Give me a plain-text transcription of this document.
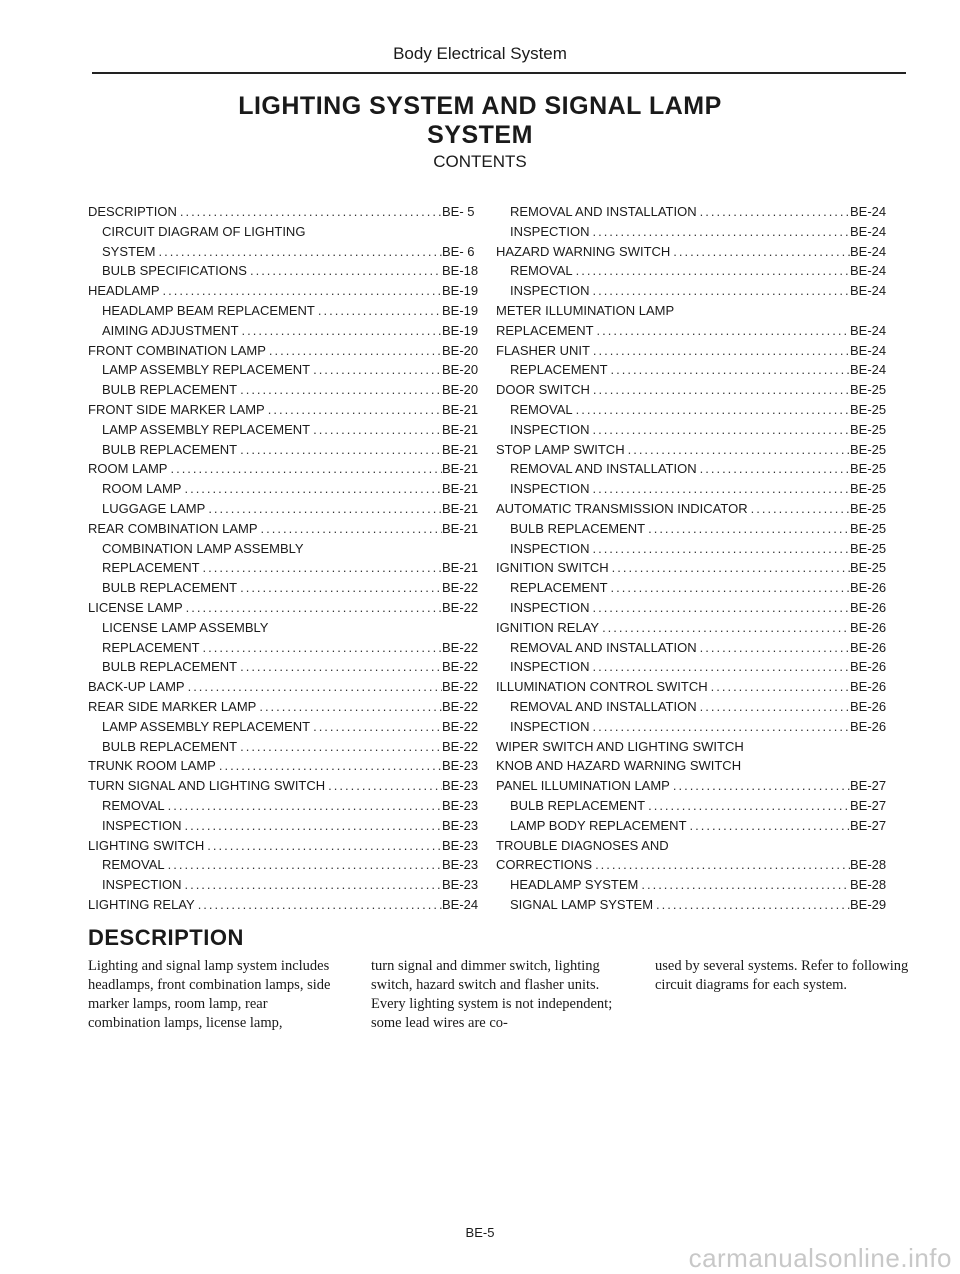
Body Electrical System
LIGHTING SYSTEM AND SIGNAL LAMP
SYSTEM
CONTENTS
DESCRIPTION .....	BE- 5
CIRCUIT DIAGRAM OF LIGHTING
SYSTEM .....	BE- 6
BULB SPECIFICATIONS .....	BE-18
HEADLAMP .....	BE-19
HEADLAMP BEAM REPLACEMENT .....	BE-19
AIMING ADJUSTMENT .....	BE-19
FRONT COMBINATION LAMP .....	BE-20
LAMP ASSEMBLY REPLACEMENT .....	BE-20
BULB REPLACEMENT .....	BE-20
FRONT SIDE MARKER LAMP .....	BE-21
LAMP ASSEMBLY REPLACEMENT .....	BE-21
BULB REPLACEMENT .....	BE-21
ROOM LAMP .....	BE-21
ROOM LAMP .....	BE-21
LUGGAGE LAMP .....	BE-21
REAR COMBINATION LAMP .....	BE-21
COMBINATION LAMP ASSEMBLY
REPLACEMENT .....	BE-21
BULB REPLACEMENT .....	BE-22
LICENSE LAMP .....	BE-22
LICENSE LAMP ASSEMBLY
REPLACEMENT .....	BE-22
BULB REPLACEMENT .....	BE-22
BACK-UP LAMP .....	BE-22
REAR SIDE MARKER LAMP .....	BE-22
LAMP ASSEMBLY REPLACEMENT .....	BE-22
BULB REPLACEMENT .....	BE-22
TRUNK ROOM LAMP .....	BE-23
TURN SIGNAL AND LIGHTING SWITCH .....	BE-23
REMOVAL .....	BE-23
INSPECTION .....	BE-23
LIGHTING SWITCH .....	BE-23
REMOVAL .....	BE-23
INSPECTION .....	BE-23
LIGHTING RELAY .....	BE-24
REMOVAL AND INSTALLATION .....	BE-24
INSPECTION .....	BE-24
HAZARD WARNING SWITCH .....	BE-24
REMOVAL .....	BE-24
INSPECTION .....	BE-24
METER ILLUMINATION LAMP
REPLACEMENT .....	BE-24
FLASHER UNIT .....	BE-24
REPLACEMENT .....	BE-24
DOOR SWITCH .....	BE-25
REMOVAL .....	BE-25
INSPECTION .....	BE-25
STOP LAMP SWITCH .....	BE-25
REMOVAL AND INSTALLATION .....	BE-25
INSPECTION .....	BE-25
AUTOMATIC TRANSMISSION INDICATOR .....	BE-25
BULB REPLACEMENT .....	BE-25
INSPECTION .....	BE-25
IGNITION SWITCH .....	BE-25
REPLACEMENT .....	BE-26
INSPECTION .....	BE-26
IGNITION RELAY .....	BE-26
REMOVAL AND INSTALLATION .....	BE-26
INSPECTION .....	BE-26
ILLUMINATION CONTROL SWITCH .....	BE-26
REMOVAL AND INSTALLATION .....	BE-26
INSPECTION .....	BE-26
WIPER SWITCH AND LIGHTING SWITCH
KNOB AND HAZARD WARNING SWITCH
PANEL ILLUMINATION LAMP .....	BE-27
BULB REPLACEMENT .....	BE-27
LAMP BODY REPLACEMENT .....	BE-27
TROUBLE DIAGNOSES AND
CORRECTIONS .....	BE-28
HEADLAMP SYSTEM .....	BE-28
SIGNAL LAMP SYSTEM .....	BE-29
DESCRIPTION
Lighting and signal lamp system includes headlamps, front combination lamps, side marker lamps, room lamp, rear combination lamps, license lamp,
turn signal and dimmer switch, lighting switch, hazard switch and flasher units. Every lighting system is not independent; some lead wires are co-
used by several systems. Refer to following circuit diagrams for each system.
BE-5
carmanualsonline.info
